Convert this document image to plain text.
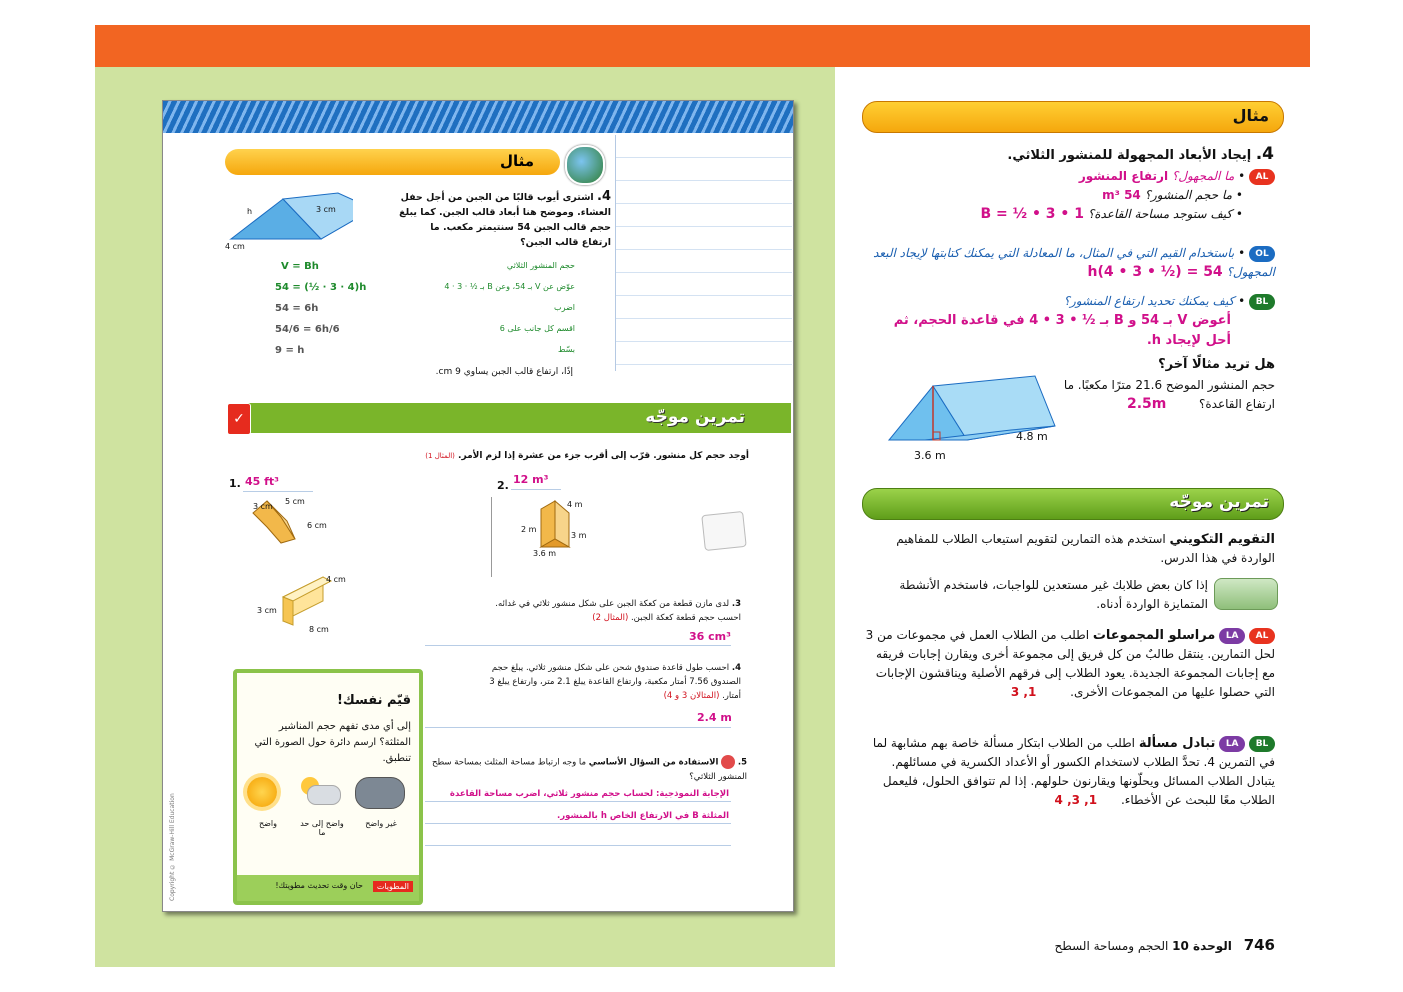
مثال
4. اشترى أيوب قالبًا من الجبن من أجل حفل العشاء. وموضح هنا أبعاد قالب الجبن. كما يبلغ حجم قالب الجبن 54 سنتيمتر مكعب. ما ارتفاع قالب الجبن؟
h	3 cm
4 cm
V = Bh	حجم المنشور الثلاثي
54 = (½ · 3 · 4)h	عوّض عن V بـ 54، وعن B بـ ½ · 3 · 4
54 = 6h	اضرب
54/6 = 6h/6	اقسم كل جانب على 6
9 = h	بسّط
إذًا، ارتفاع قالب الجبن يساوي 9 cm.
تمرين موجّه
✓
أوجد حجم كل منشور. قرّب إلى أقرب جزء من عشرة إذا لزم الأمر. (المثال 1)
1. 45 ft³
3 cm
5 cm
6 cm
2. 12 m³
4 m
2 m
3 m
3.6 m
4 cm
3 cm
8 cm
3. لدى مازن قطعة من كعكة الجبن على شكل منشور ثلاثي في غدائه. احسب حجم قطعة كعكة الجبن. (المثال 2)
36 cm³
4. احسب طول قاعدة صندوق شحن على شكل منشور ثلاثي. يبلغ حجم الصندوق 7.56 أمتار مكعبة، وارتفاع القاعدة يبلغ 2.1 متر، وارتفاع يبلغ 3 أمتار. (المثالان 3 و 4)
2.4 m
5.  الاستفادة من السؤال الأساسي ما وجه ارتباط مساحة المثلث بمساحة سطح المنشور الثلاثي؟
الإجابة النموذجية: لحساب حجم منشور ثلاثي، اضرب مساحة القاعدة
المثلثة B في الارتفاع الخاص h بالمنشور.
قيّم نفسك!
إلى أي مدى تفهم حجم المناشير المثلثة؟ ارسم دائرة حول الصورة التي تنطبق.
واضح	واضح إلى حد ما
غير واضح
المطويات
حان وقت تحديث مطويتك!
Copyright © McGraw-Hill Education
مثال
4. إيجاد الأبعاد المجهولة للمنشور الثلاثي.
AL • ما المجهول؟ ارتفاع المنشور
• ما حجم المنشور؟ 54 m³
• كيف ستوجد مساحة القاعدة؟ B = ½ • 3 • 1
OL • باستخدام القيم التي في المثال، ما المعادلة التي يمكنك كتابتها لإيجاد البعد المجهول؟ 54 = (½ • 3 • 4)h
BL • كيف يمكنك تحديد ارتفاع المنشور؟
أعوض V بـ 54 و B بـ ½ • 3 • 4 في قاعدة الحجم، ثم أحل لإيجاد h.
هل تريد مثالًا آخر؟
حجم المنشور الموضح 21.6 مترًا مكعبًا. ما ارتفاع القاعدة؟
2.5m
4.8 m
3.6 m
تمرين موجّه
التقويم التكويني استخدم هذه التمارين لتقويم استيعاب الطلاب للمفاهيم الواردة في هذا الدرس.
إذا كان بعض طلابك غير مستعدين للواجبات، فاستخدم الأنشطة المتمايزة الواردة أدناه.
AL LA مراسلو المجموعات اطلب من الطلاب العمل في مجموعات من 3 لحل التمارين. ينتقل طالبٌ من كل فريق إلى مجموعة أخرى ويقارن إجابات فريقه مع إجابات المجموعة الجديدة. يعود الطلاب إلى فرقهم الأصلية ويناقشون الإجابات التي حصلوا عليها من المجموعات الأخرى. 1, 3
BL LA تبادل مسألة اطلب من الطلاب ابتكار مسألة خاصة بهم مشابهة لما في التمرين 4. تحدَّ الطلاب لاستخدام الكسور أو الأعداد الكسرية في مسائلهم. يتبادل الطلاب المسائل ويحلّونها ويقارنون حلولهم. إذا لم تتوافق الحلول، فليعمل الطلاب معًا للبحث عن الأخطاء. 1, 3, 4
746 الوحدة 10 الحجم ومساحة السطح
